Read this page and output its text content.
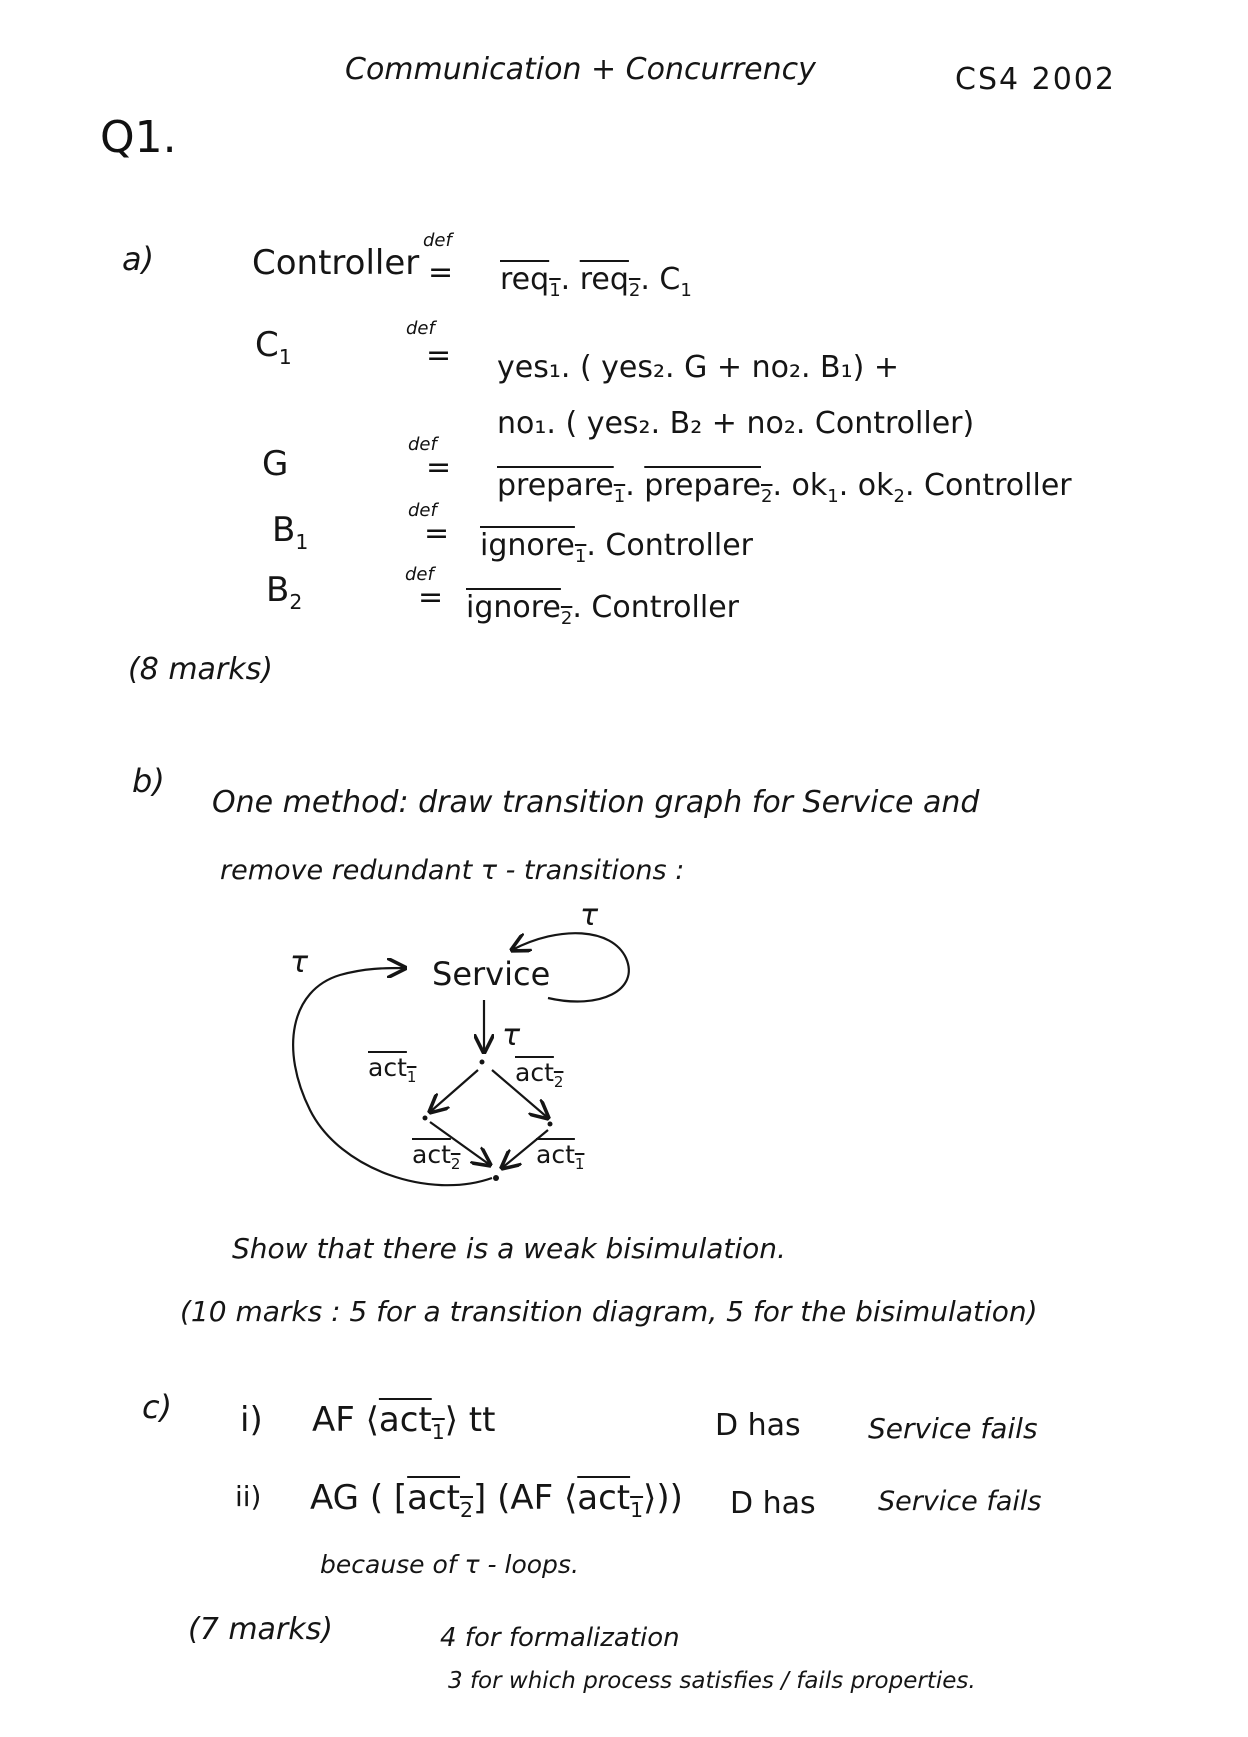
Communication + Concurrency	CS4 2002
Q1.
a)	Controller
def
= req$_1$. req$_2$. $C_1$
$C_1$
def
= yes₁. ( yes₂. G + no₂. B₁) +
no₁. ( yes₂. B₂ + no₂. Controller)
G	def
=
prepare$_1$. prepare$_2$. $ok_1$. $ok_2$. Controller
$B_1$
def
= ignore$_1$. Controller
$B_2$
def
= ignore$_2$. Controller
(8 marks)
b)
One method: draw transition graph for Service and
remove redundant τ - transitions :
Service
τ
τ
τ
act$_1$	act$_2$
act$_2$	act$_1$
Show that there is a weak bisimulation.
(10 marks : 5 for a transition diagram, 5 for the bisimulation)
c) i) AF ⟨act$_1$⟩ tt	D has Service fails
ii) AG ( [act$_2$] (AF ⟨act$_1$⟩)) D has Service fails
because of τ - loops.
(7 marks)	4 for formalization
3 for which process satisfies / fails properties.
